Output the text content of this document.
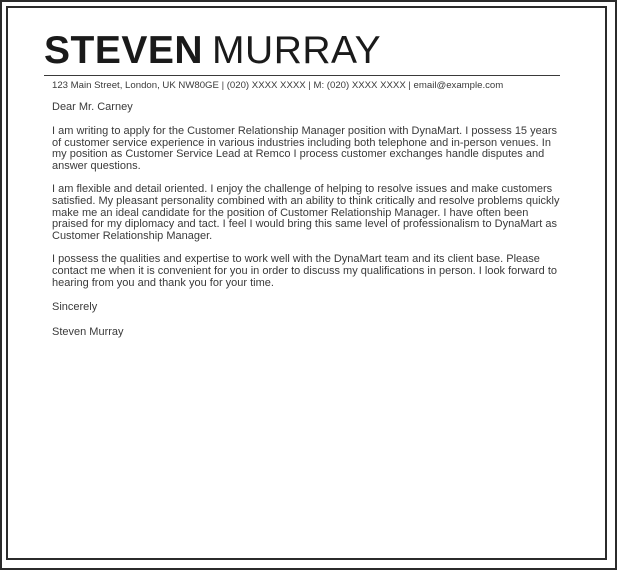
STEVEN MURRAY
123 Main Street, London, UK NW80GE | (020) XXXX XXXX | M: (020) XXXX XXXX | email@example.com
Dear Mr. Carney

I am writing to apply for the Customer Relationship Manager position with DynaMart. I possess 15 years of customer service experience in various industries including both telephone and in-person venues. In my position as Customer Service Lead at Remco I process customer exchanges handle disputes and answer questions.

I am flexible and detail oriented. I enjoy the challenge of helping to resolve issues and make customers satisfied. My pleasant personality combined with an ability to think critically and resolve problems quickly make me an ideal candidate for the position of Customer Relationship Manager. I have often been praised for my diplomacy and tact. I feel I would bring this same level of professionalism to DynaMart as Customer Relationship Manager.

I possess the qualities and expertise to work well with the DynaMart team and its client base. Please contact me when it is convenient for you in order to discuss my qualifications in person. I look forward to hearing from you and thank you for your time.

Sincerely
Steven Murray
